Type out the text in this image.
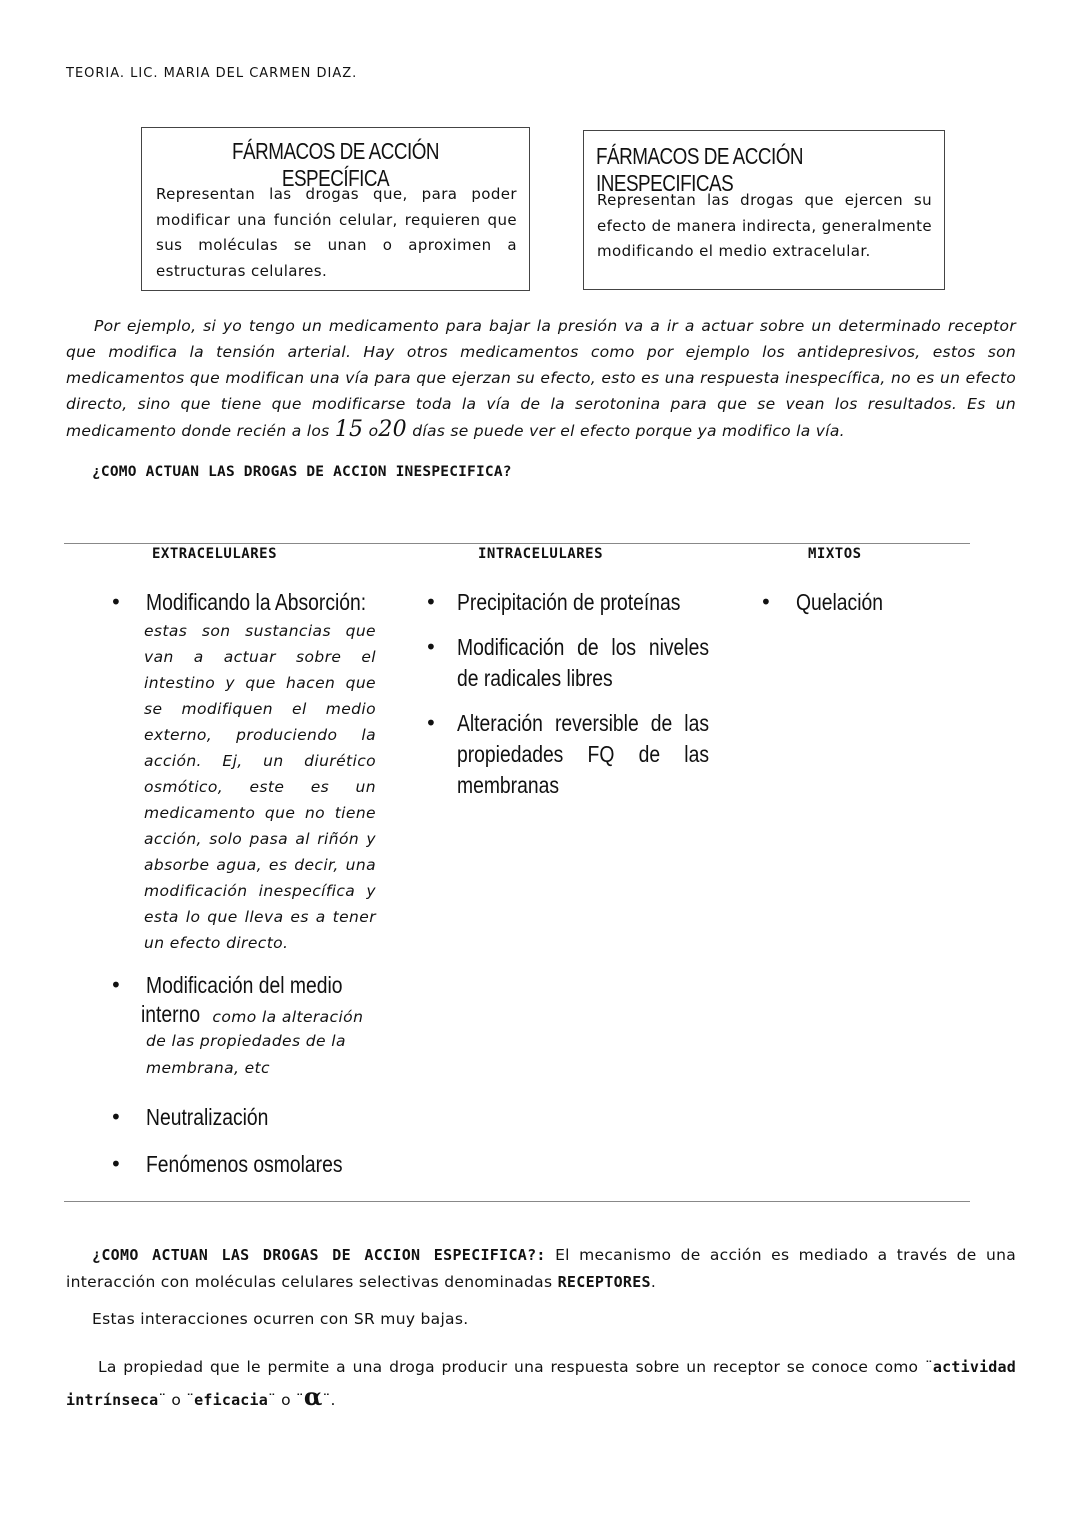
TEORIA. LIC. MARIA DEL CARMEN DIAZ.
FÁRMACOS DE ACCIÓN ESPECÍFICA
Representan las drogas que, para poder modificar una función celular, requieren que sus moléculas se unan o aproximen a estructuras celulares.
FÁRMACOS DE ACCIÓN INESPECIFICAS
Representan las drogas que ejercen su efecto de manera indirecta, generalmente modificando el medio extracelular.
Por ejemplo, si yo tengo un medicamento para bajar la presión va a ir a actuar sobre un determinado receptor que modifica la tensión arterial. Hay otros medicamentos como por ejemplo los antidepresivos, estos son medicamentos que modifican una vía para que ejerzan su efecto, esto es una respuesta inespecífica, no es un efecto directo, sino que tiene que modificarse toda la vía de la serotonina para que se vean los resultados. Es un medicamento donde recién a los 15 o20 días se puede ver el efecto porque ya modifico la vía.
¿COMO ACTUAN LAS DROGAS DE ACCION INESPECIFICA?
EXTRACELULARES	INTRACELULARES	MIXTOS
• Modificando la Absorción:
estas son sustancias que van a actuar sobre el intestino y que hacen que se modifiquen el medio externo, produciendo la acción. Ej, un diurético osmótico, este es un medicamento que no tiene acción, solo pasa al riñón y absorbe agua, es decir, una modificación inespecífica y esta lo que lleva es a tener un efecto directo.
• Modificación del medio
interno como la alteración
de las propiedades de la membrana, etc
• Neutralización
• Fenómenos osmolares
• Precipitación de proteínas
• Modificación de los niveles de radicales libres
• Alteración reversible de las propiedades FQ de las membranas
• Quelación
¿COMO ACTUAN LAS DROGAS DE ACCION ESPECIFICA?: El mecanismo de acción es mediado a través de una interacción con moléculas celulares selectivas denominadas RECEPTORES.
Estas interacciones ocurren con SR muy bajas.
La propiedad que le permite a una droga producir una respuesta sobre un receptor se conoce como ¨actividad intrínseca¨ o ¨eficacia¨ o ¨α¨.
